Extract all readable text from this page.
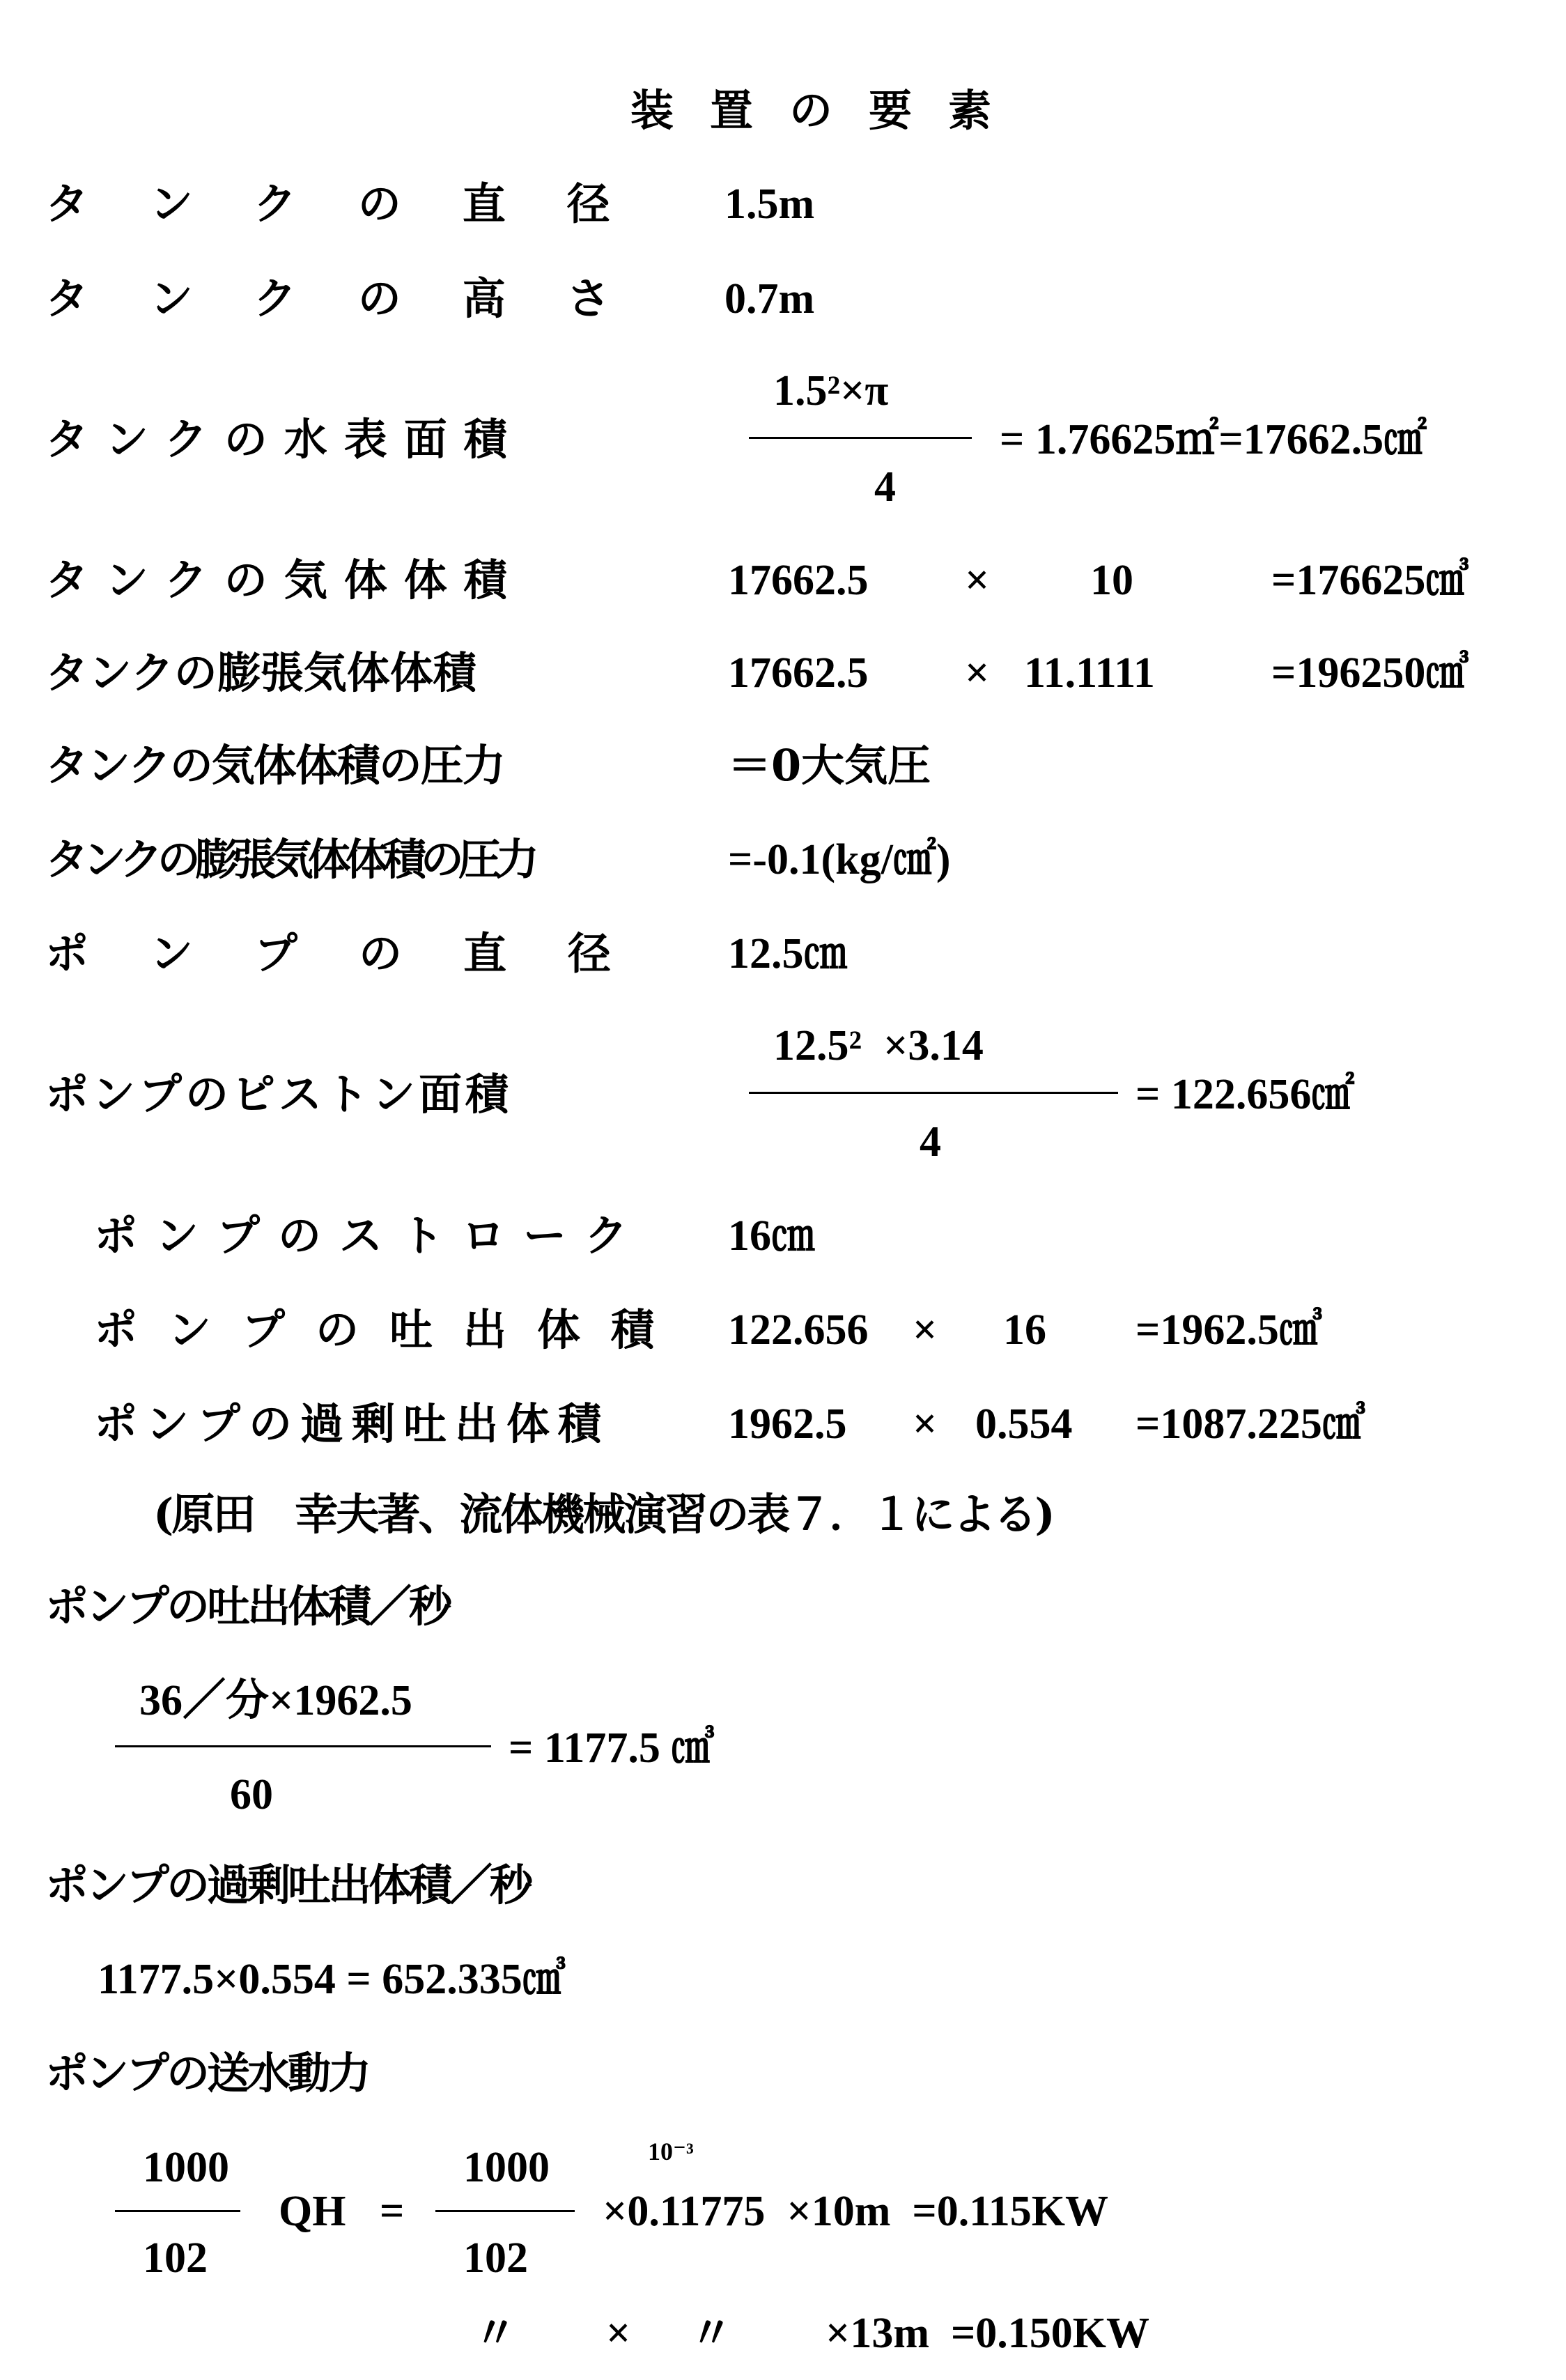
装置の要素
タンクの直径 1.5m
タンクの高さ 0.7m
タンクの水表面積
1.5²×π
4
= 1.76625㎡=17662.5㎠
タンクの気体体積	17662.5 × 10	=176625㎤
タンクの膨張気体体積	17662.5 × 11.1111	=196250㎤
タンクの気体体積の圧力	＝0大気圧
タンクの膨張気体体積の圧力	=-0.1(kg/㎠)
ポンプの直径 12.5㎝
ポンプのピストン面積
12.5²  ×3.14
4
= 122.656㎠
ポンプのストローク 16㎝
ポンプの吐出体積 122.656 × 16 =1962.5㎤
ポンプの過剰吐出体積	1962.5 × 0.554 =1087.225㎤
(原田　幸夫著、流体機械演習の表７．１による)
ポンプの吐出体積／秒
36／分×1962.5
60
= 1177.5 ㎤
ポンプの過剰吐出体積／秒
1177.5×0.554 = 652.335㎤
ポンプの送水動力
1000
102
QH =
1000
102
10⁻³
×0.11775  ×10m  =0.115KW
〃 × 〃 ×13m  =0.150KW
